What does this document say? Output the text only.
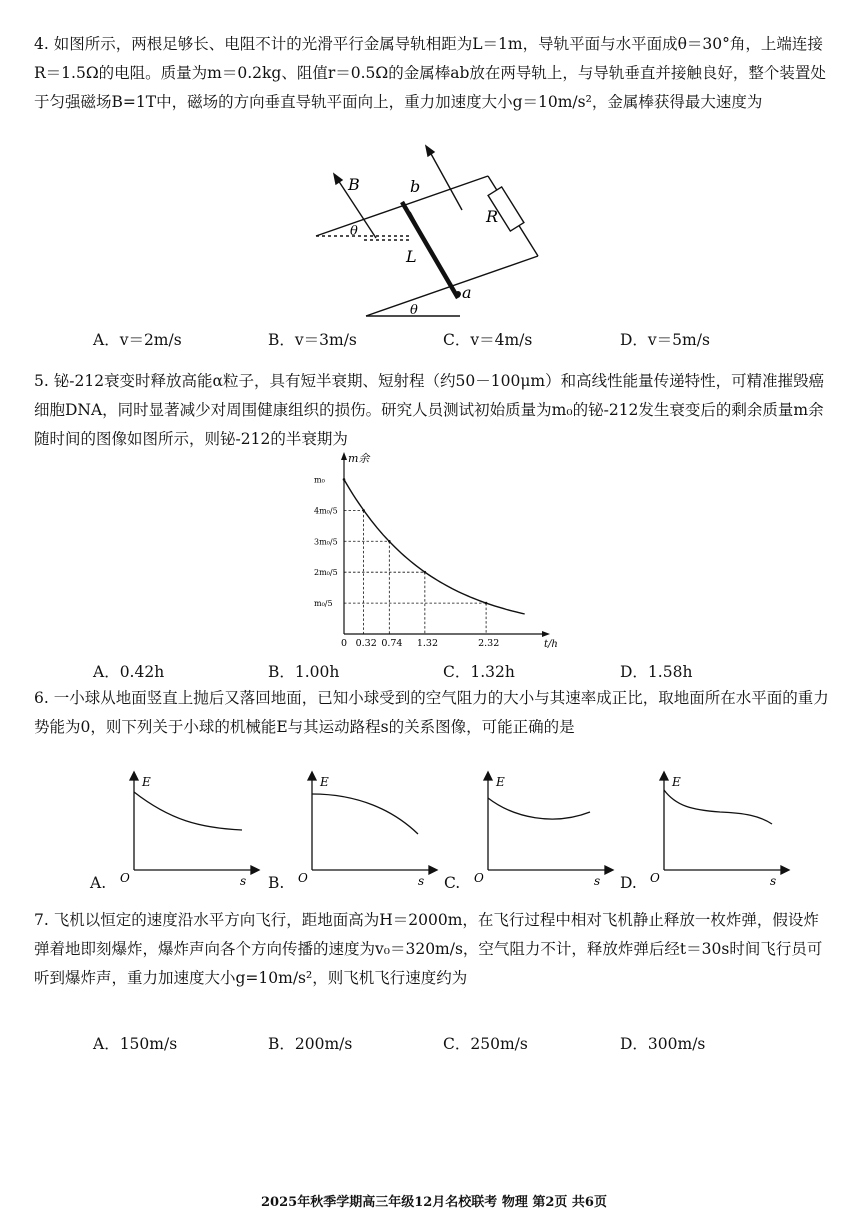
4. 如图所示，两根足够长、电阻不计的光滑平行金属导轨相距为L＝1m，导轨平面与水平面成θ＝30°角，上端连接R＝1.5Ω的电阻。质量为m＝0.2kg、阻值r＝0.5Ω的金属棒ab放在两导轨上，与导轨垂直并接触良好，整个装置处于匀强磁场B=1T中，磁场的方向垂直导轨平面向上，重力加速度大小g＝10m/s²，金属棒获得最大速度为
B	b
R
θ
L
a
θ
A．v＝2m/s	B．v＝3m/s	C．v＝4m/s	D．v＝5m/s
5. 铋-212衰变时释放高能α粒子，具有短半衰期、短射程（约50－100μm）和高线性能量传递特性，可精准摧毁癌细胞DNA，同时显著减少对周围健康组织的损伤。研究人员测试初始质量为m₀的铋-212发生衰变后的剩余质量m余随时间的图像如图所示，则铋-212的半衰期为
m余
t/h
0
m₀
0.32
4m₀/5
0.74
3m₀/5
1.32
2m₀/5
2.32
m₀/5
A．0.42h	B．1.00h	C．1.32h	D．1.58h
6. 一小球从地面竖直上抛后又落回地面，已知小球受到的空气阻力的大小与其速率成正比，取地面所在水平面的重力势能为0，则下列关于小球的机械能E与其运动路程s的关系图像，可能正确的是
E
O	s
A.
E
O	s
B.
E
O	s
C.
E
O	s
D.
7. 飞机以恒定的速度沿水平方向飞行，距地面高为H＝2000m，在飞行过程中相对飞机静止释放一枚炸弹，假设炸弹着地即刻爆炸，爆炸声向各个方向传播的速度为v₀＝320m/s，空气阻力不计，释放炸弹后经t＝30s时间飞行员可听到爆炸声，重力加速度大小g=10m/s²，则飞机飞行速度约为
A．150m/s	B．200m/s	C．250m/s	D．300m/s
2025年秋季学期高三年级12月名校联考 物理 第2页 共6页
